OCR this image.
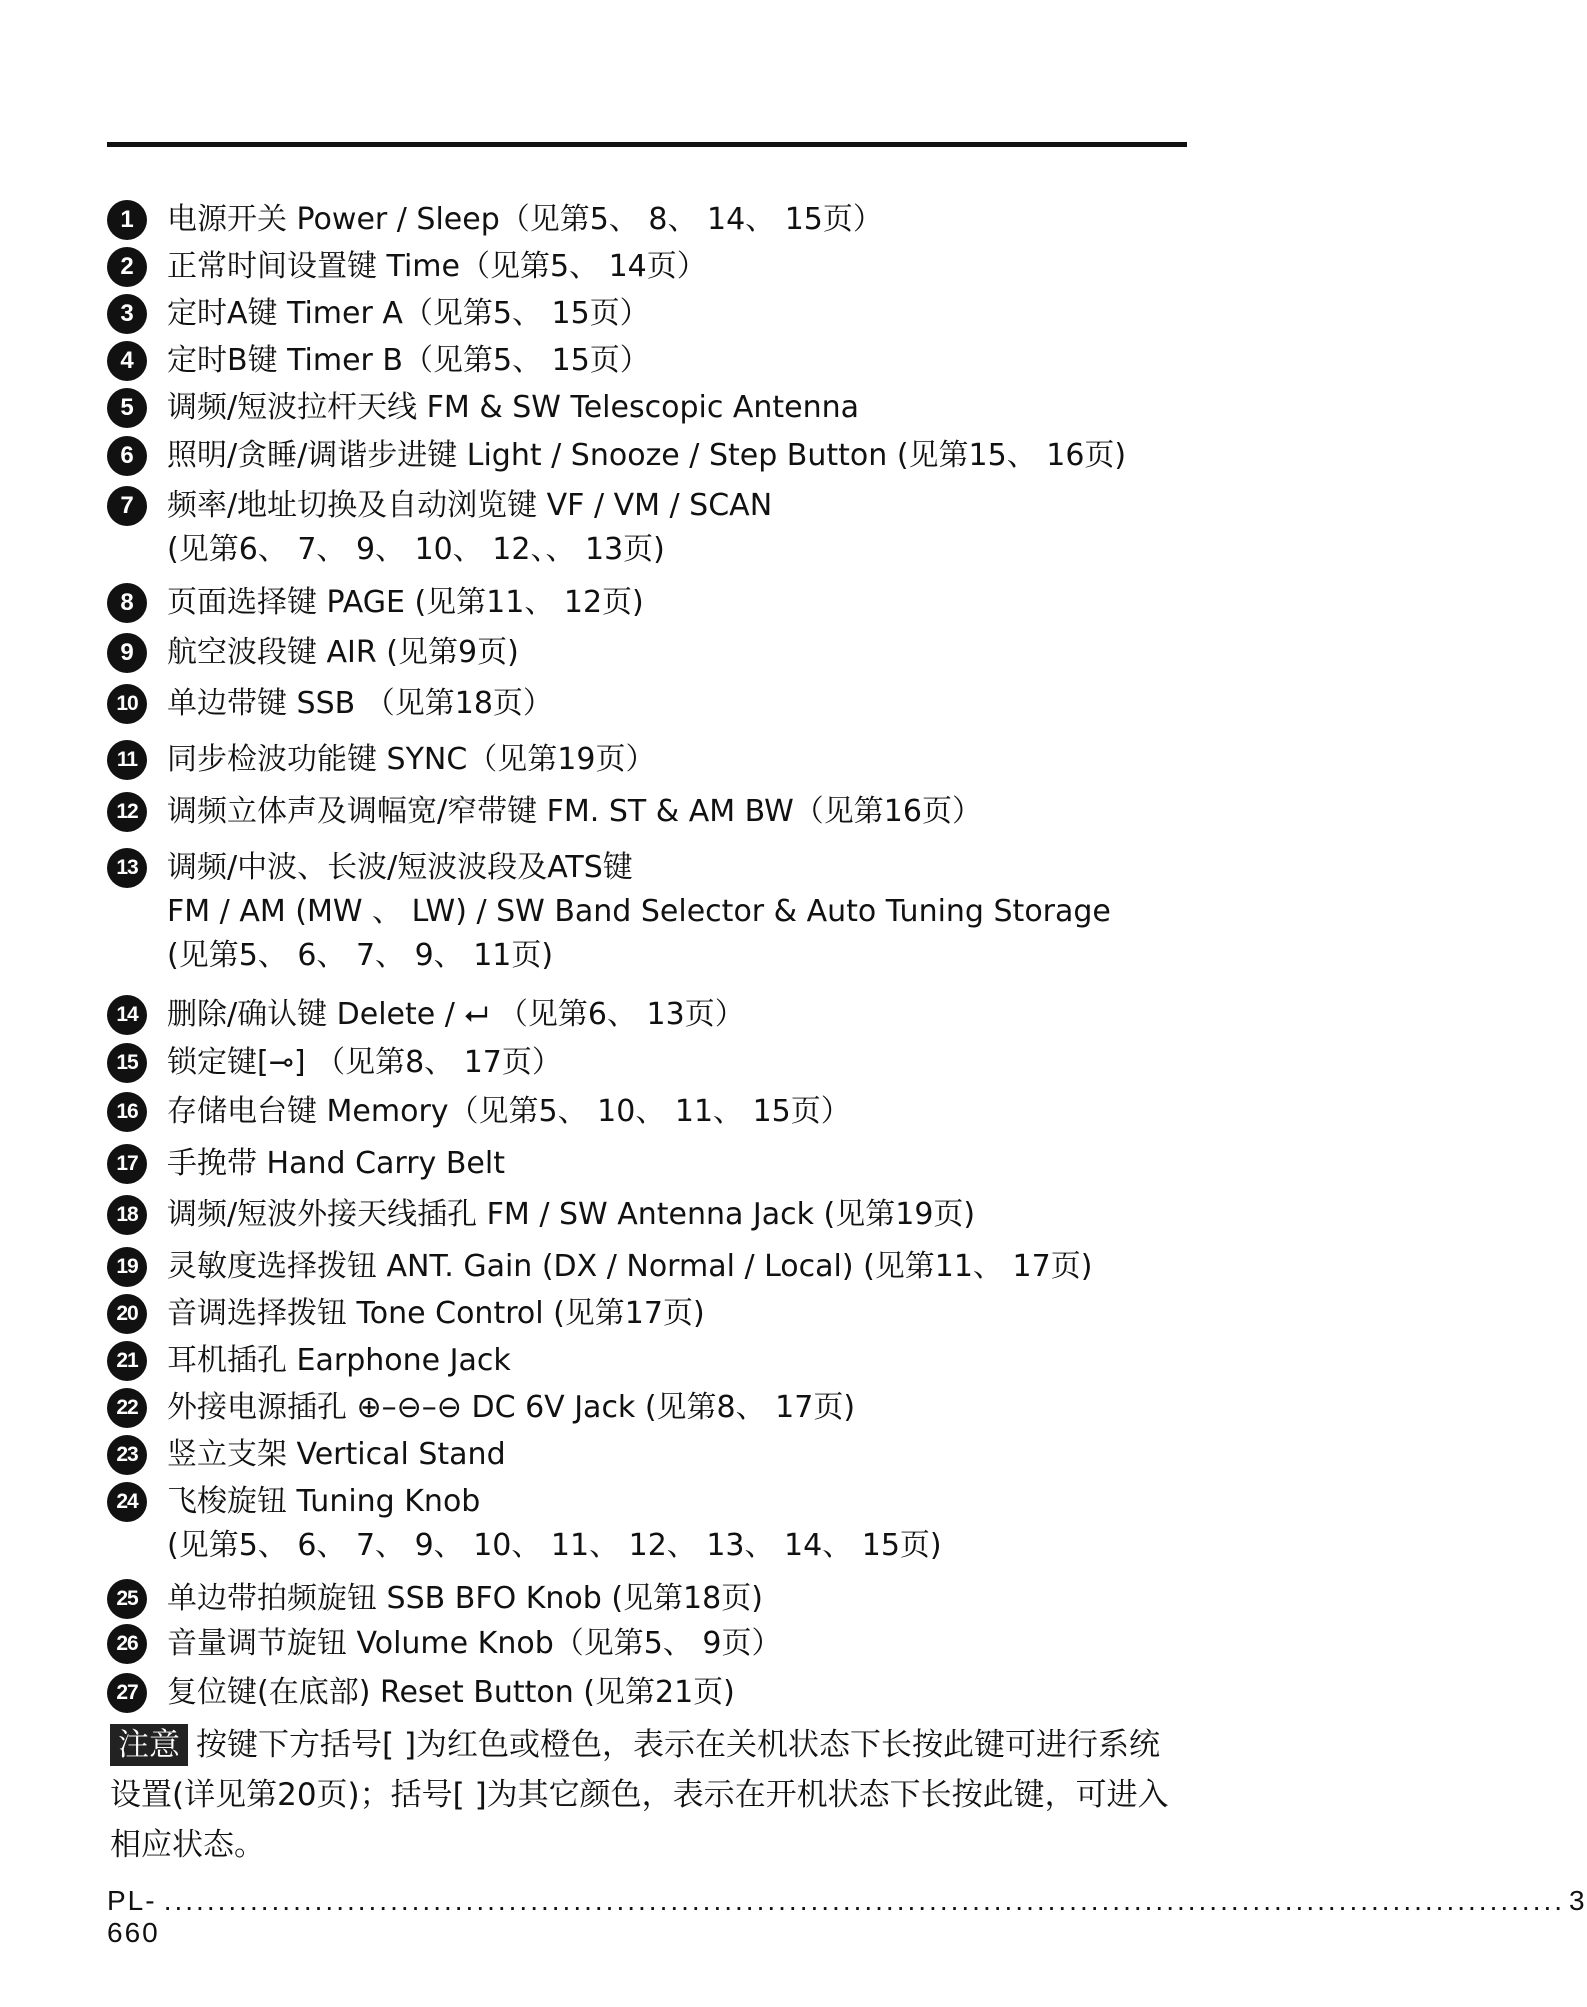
1	电源开关 Power / Sleep（见第5、 8、 14、 15页）
2	正常时间设置键 Time（见第5、 14页）
3	定时A键 Timer A（见第5、 15页）
4	定时B键 Timer B（见第5、 15页）
5	调频/短波拉杆天线 FM & SW Telescopic Antenna
6	照明/贪睡/调谐步进键 Light / Snooze / Step Button (见第15、 16页)
7	频率/地址切换及自动浏览键 VF / VM / SCAN
(见第6、 7、 9、 10、 12、、 13页)
8	页面选择键 PAGE (见第11、 12页)
9	航空波段键 AIR (见第9页)
10 单边带键 SSB （见第18页）
11 同步检波功能键 SYNC（见第19页）
12 调频立体声及调幅宽/窄带键 FM. ST & AM BW（见第16页）
13 调频/中波、长波/短波波段及ATS键
FM / AM (MW 、 LW) / SW Band Selector & Auto Tuning Storage
(见第5、 6、 7、 9、 11页)
14 删除/确认键 Delete / ⮠ （见第6、 13页）
15 锁定键[⊸] （见第8、 17页）
16 存储电台键 Memory（见第5、 10、 11、 15页）
17 手挽带 Hand Carry Belt
18 调频/短波外接天线插孔 FM / SW Antenna Jack (见第19页)
19 灵敏度选择拨钮 ANT. Gain (DX / Normal / Local) (见第11、 17页)
20 音调选择拨钮 Tone Control (见第17页)
21 耳机插孔 Earphone Jack
22 外接电源插孔 ⊕–⊖–⊖ DC 6V Jack (见第8、 17页)
23 竖立支架 Vertical Stand
24 飞梭旋钮 Tuning Knob
(见第5、 6、 7、 9、 10、 11、 12、 13、 14、 15页)
25 单边带拍频旋钮 SSB BFO Knob (见第18页)
26 音量调节旋钮 Volume Knob（见第5、 9页）
27 复位键(在底部) Reset Button (见第21页)
注意 按键下方括号[ ]为红色或橙色，表示在关机状态下长按此键可进行系统设置(详见第20页)；括号[ ]为其它颜色，表示在开机状态下长按此键，可进入相应状态。
PL-660
.................................................................................................................................. 3
